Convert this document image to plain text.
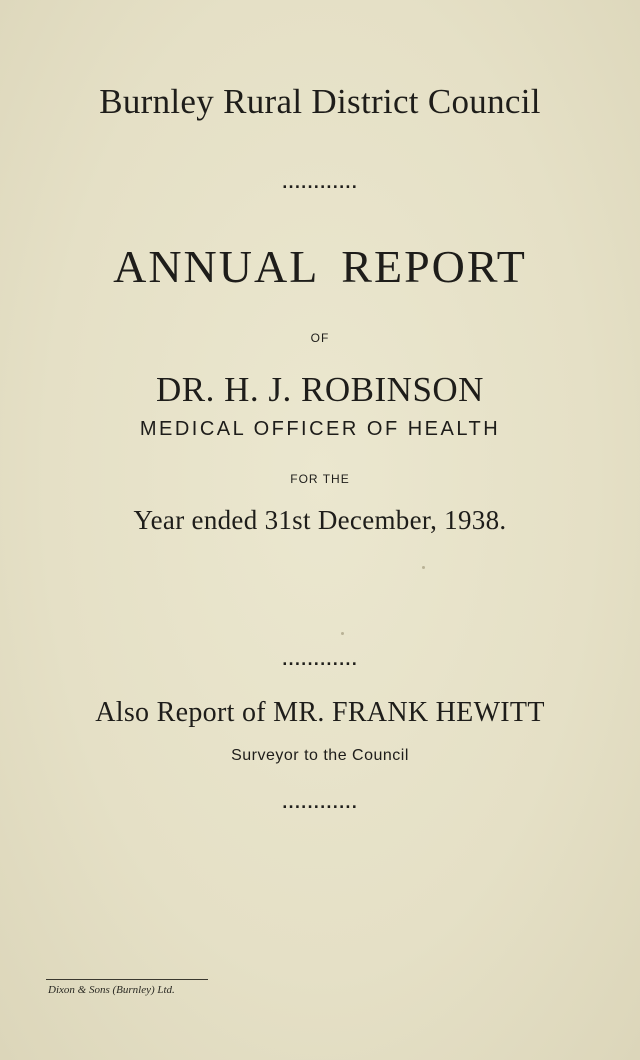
Burnley Rural District Council
............
ANNUAL REPORT
OF
DR. H. J. ROBINSON
MEDICAL OFFICER OF HEALTH
FOR THE
Year ended 31st December, 1938.
............
Also Report of MR. FRANK HEWITT
Surveyor to the Council
............
Dixon & Sons (Burnley) Ltd.
